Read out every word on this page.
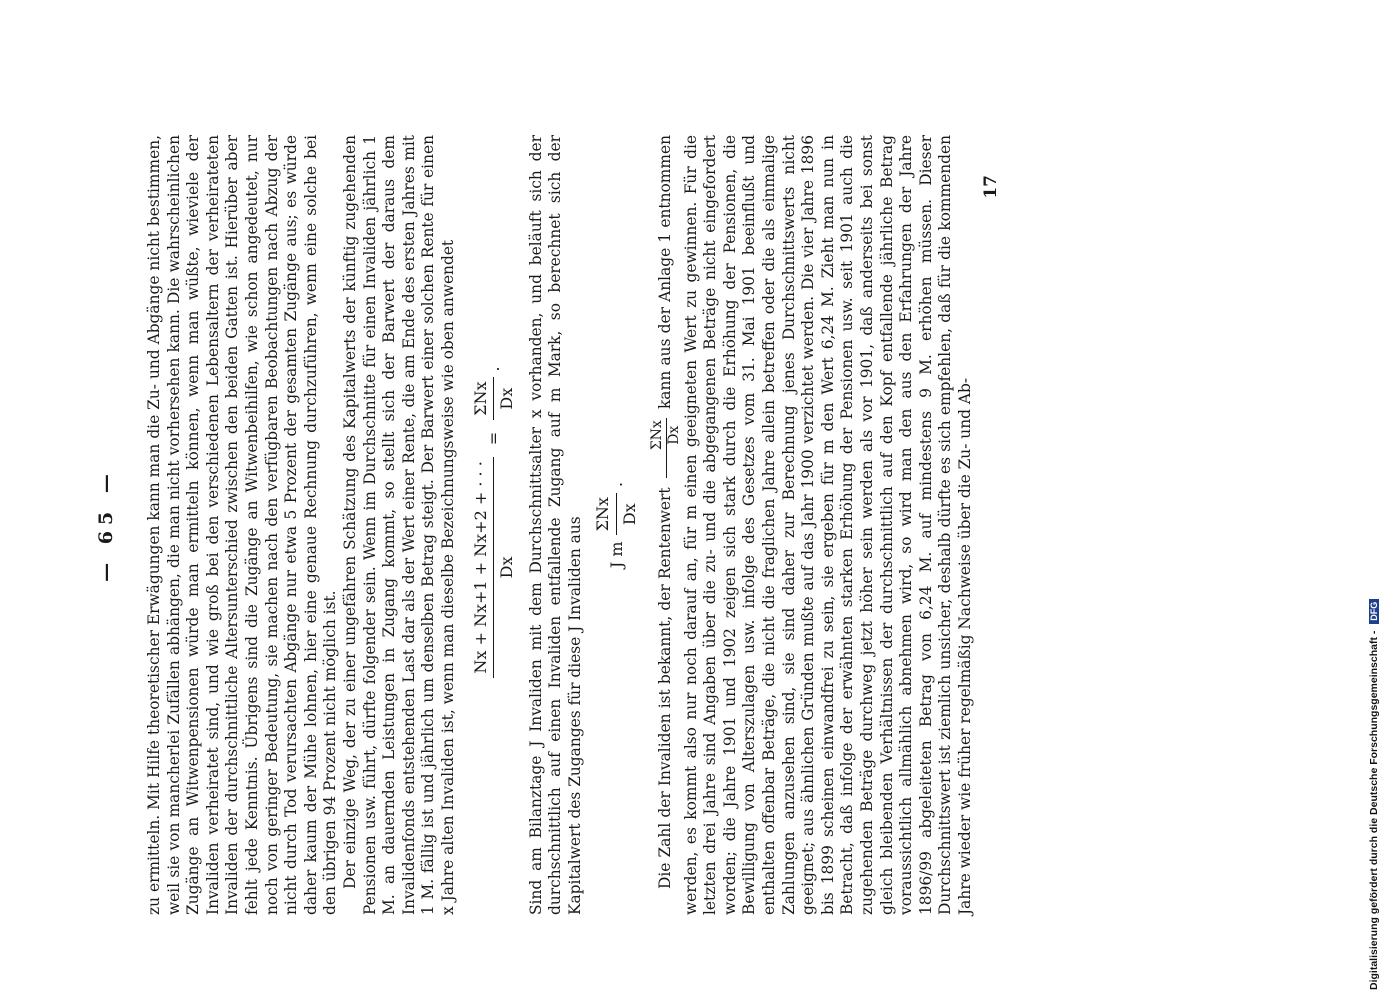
— 65 — zu ermitteln. Mit Hilfe theoretischer Erwägungen kann man die Zu- und Abgänge nicht bestimmen, weil sie von mancherlei Zufällen abhängen, die man nicht vorhersehen kann. Die wahrscheinlichen Zugänge an Witwenpensionen würde man ermitteln können, wenn man wüßte, wieviele der Invaliden verheiratet sind, und wie groß bei den verschiedenen Lebensaltern der verheirateten Invaliden der durchschnittliche Altersunterschied zwischen den beiden Gatten ist. Hierüber aber fehlt jede Kenntnis. Übrigens sind die Zugänge an Witwenbeihilfen, wie schon angedeutet, nur noch von geringer Bedeutung, sie machen nach den verfügbaren Beobachtungen nach Abzug der nicht durch Tod verursachten Abgänge nur etwa 5 Prozent der gesamten Zugänge aus; es würde daher kaum der Mühe lohnen, hier eine genaue Rechnung durchzuführen, wenn eine solche bei den übrigen 94 Prozent nicht möglich ist. Der einzige Weg, der zu einer ungefähren Schätzung des Kapitalwerts der künftig zugehenden Pensionen usw. führt, dürfte folgender sein. Wenn im Durchschnitte für einen Invaliden jährlich 1 M. an dauernden Leistungen in Zugang kommt, so stellt sich der Barwert der daraus dem Invalidenfonds entstehenden Last dar als der Wert einer Rente, die am Ende des ersten Jahres mit 1 M. fällig ist und jährlich um denselben Betrag steigt. Der Barwert einer solchen Rente für einen x Jahre alten Invaliden ist, wenn man dieselbe Bezeichnungsweise wie oben anwendet Nx + Nx+1 + Nx+2 + · · · Dx
=
ΣNx Dx
. Sind am Bilanztage J Invaliden mit dem Durchschnittsalter x vorhanden, und beläuft sich der durchschnittlich auf einen Invaliden entfallende Zugang auf m Mark, so berechnet sich der Kapitalwert des Zuganges für diese J Invaliden aus J m
ΣNx Dx
.

Die Zahl der Invaliden ist bekannt, der Rentenwert
ΣNx Dx
kann aus der Anlage 1 entnommen werden, es kommt also nur noch darauf an, für m einen geeigneten Wert zu gewinnen. Für die letzten drei Jahre sind Angaben über die zu- und die abgegangenen Beträge nicht eingefordert worden; die Jahre 1901 und 1902 zeigen sich stark durch die Erhöhung der Pensionen, die Bewilligung von Alterszulagen usw. infolge des Gesetzes vom 31. Mai 1901 beeinflußt und enthalten offenbar Beträge, die nicht die fraglichen Jahre allein betreffen oder die als einmalige Zahlungen anzusehen sind, sie sind daher zur Berechnung jenes Durchschnittswerts nicht geeignet; aus ähnlichen Gründen mußte auf das Jahr 1900 verzichtet werden. Die vier Jahre 1896 bis 1899 scheinen einwandfrei zu sein, sie ergeben für m den Wert 6,24 M. Zieht man nun in Betracht, daß infolge der erwähnten starken Erhöhung der Pensionen usw. seit 1901 auch die zugehenden Beträge durchweg jetzt höher sein werden als vor 1901, daß anderseits bei sonst gleich bleibenden Verhältnissen der durchschnittlich auf den Kopf entfallende jährliche Betrag voraussichtlich allmählich abnehmen wird, so wird man den aus den Erfahrungen der Jahre 1896/99 abgeleiteten Betrag von 6,24 M. auf mindestens 9 M. erhöhen müssen. Dieser Durchschnittswert ist ziemlich unsicher, deshalb dürfte es sich empfehlen, daß für die kommenden Jahre wieder wie früher regelmäßig Nachweise über die Zu- und Ab-

17
Digitalisierung gefördert durch die Deutsche Forschungsgemeinschaft - DFG
